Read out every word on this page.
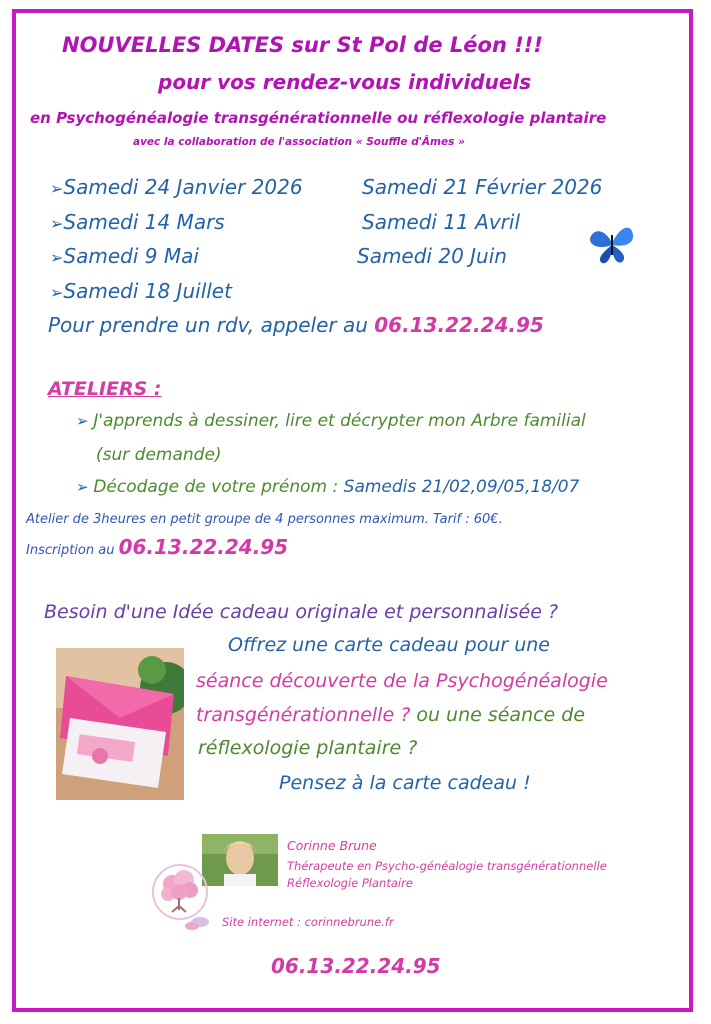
NOUVELLES DATES sur St Pol de Léon !!!
pour vos rendez-vous individuels
en Psychogénéalogie transgénérationnelle ou réflexologie plantaire
avec la collaboration de l'association « Souffle d'Âmes »
➢Samedi 24 Janvier 2026
➢Samedi 14 Mars
➢Samedi 9 Mai
➢Samedi 18 Juillet
Samedi 21 Février 2026
Samedi 11 Avril
Samedi 20 Juin
Pour prendre un rdv, appeler au 06.13.22.24.95
ATELIERS :
➢ J'apprends à dessiner, lire et décrypter mon Arbre familial
(sur demande)
➢ Décodage de votre prénom : Samedis 21/02,09/05,18/07
Atelier de 3heures en petit groupe de 4 personnes maximum. Tarif : 60€.
Inscription au 06.13.22.24.95
Besoin d'une Idée cadeau originale et personnalisée ?
Offrez une carte cadeau pour une
séance découverte de la Psychogénéalogie
transgénérationnelle ? ou une séance de
réflexologie plantaire ?
Pensez à la carte cadeau !
Corinne Brune
Thérapeute en Psycho-généalogie transgénérationnelle
Réflexologie Plantaire
Site internet : corinnebrune.fr
06.13.22.24.95
